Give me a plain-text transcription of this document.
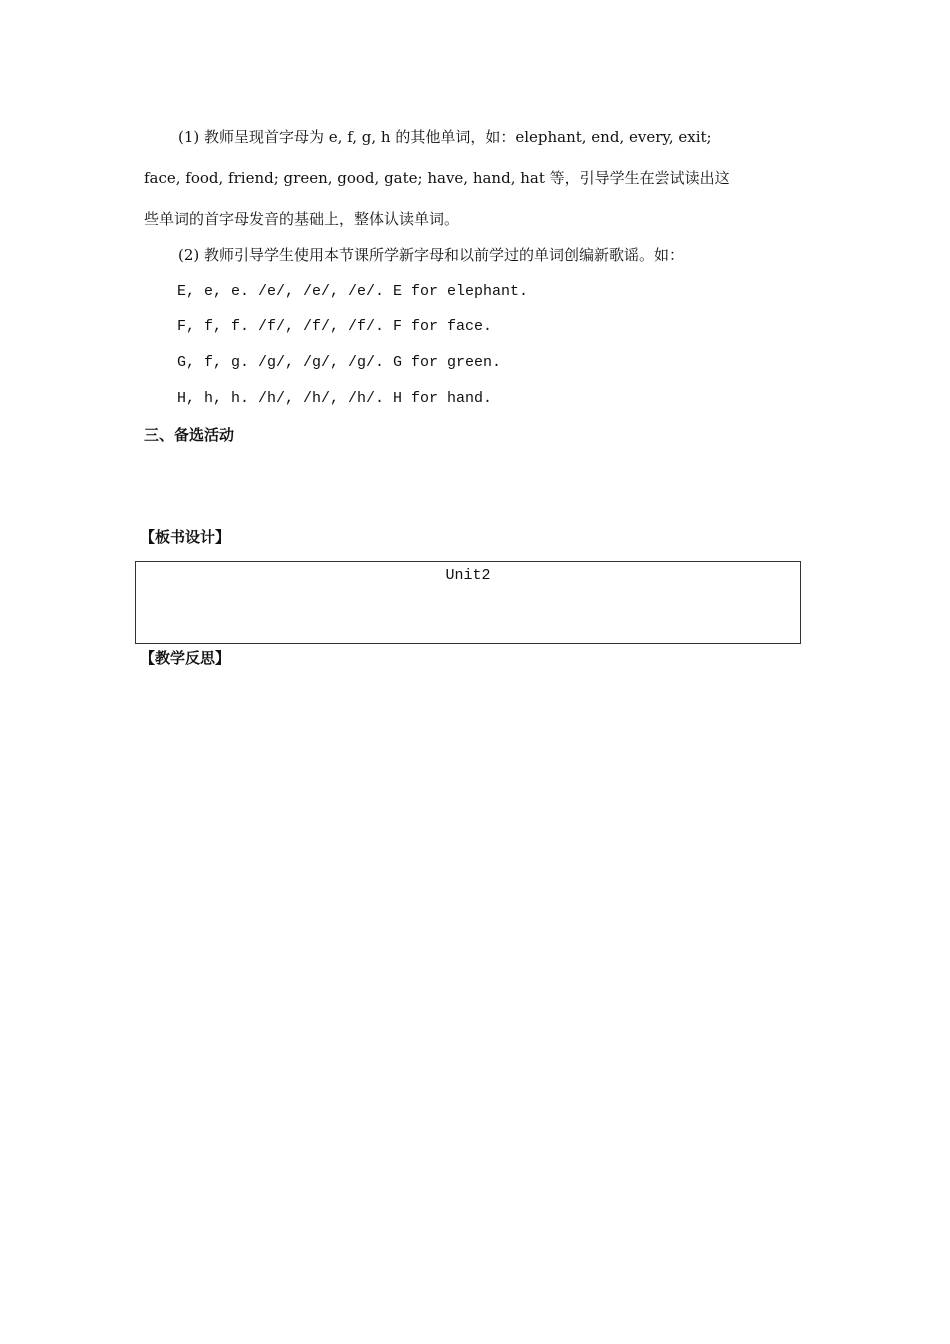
(1) 教师呈现首字母为 e, f, g, h 的其他单词，如：elephant, end, every, exit;
face, food, friend; green, good, gate; have, hand, hat 等，引导学生在尝试读出这
些单词的首字母发音的基础上，整体认读单词。
(2) 教师引导学生使用本节课所学新字母和以前学过的单词创编新歌谣。如：
E, e, e. /e/, /e/, /e/. E for elephant.
F, f, f. /f/, /f/, /f/. F for face.
G, f, g. /g/, /g/, /g/. G for green.
H, h, h. /h/, /h/, /h/. H for hand.
三、备选活动
【板书设计】
Unit2
【教学反思】
